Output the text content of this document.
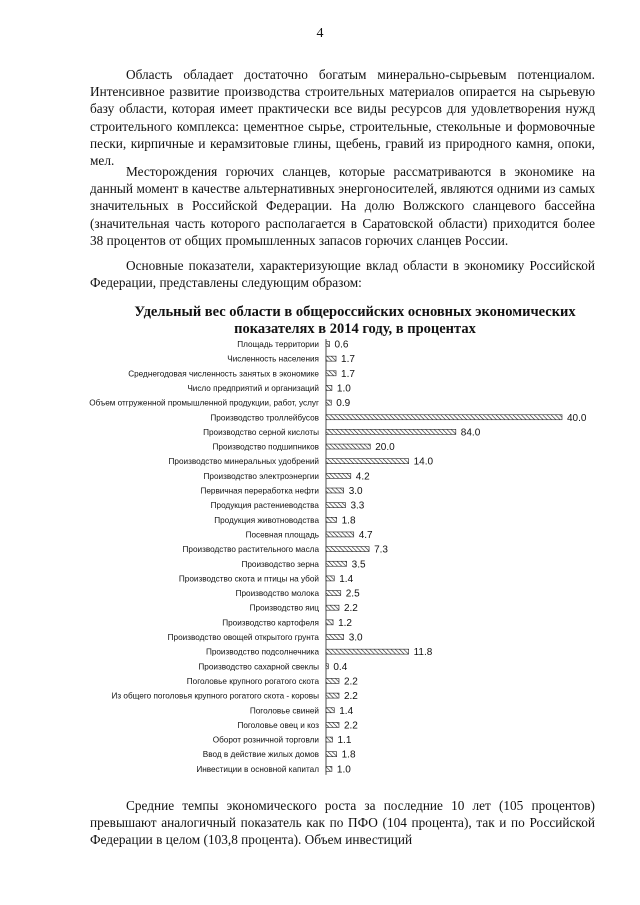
4

Область обладает достаточно богатым минерально-сырьевым потенциалом. Интенсивное развитие производства строительных материалов опирается на сырьевую базу области, которая имеет практически все виды ресурсов для удовлетворения нужд строительного комплекса: цементное сырье, строительные, стекольные и формовочные пески, кирпичные и керамзитовые глины, щебень, гравий из природного камня, опоки, мел.

Месторождения горючих сланцев, которые рассматриваются в экономике на данный момент в качестве альтернативных энергоносителей, являются одними из самых значительных в Российской Федерации. На долю Волжского сланцевого бассейна (значительная часть которого располагается в Саратовской области) приходится более 38 процентов от общих промышленных запасов горючих сланцев России.

Основные показатели, характеризующие вклад области в экономику Российской Федерации, представлены следующим образом:

Удельный вес области в общероссийских основных экономических показателях в 2014 году, в процентах
Площадь территории 0.6
Численность населения 1.7
Среднегодовая численность занятых в экономике 1.7
Число предприятий и организаций 1.0
Объем отгруженной промышленной продукции, работ, услуг 0.9
Производство троллейбусов	40.0
Производство серной кислоты	84.0
Производство подшипников	20.0
Производство минеральных удобрений	14.0
Производство электроэнергии	4.2
Первичная переработка нефти	3.0
Продукция растениеводства	3.3
Продукция животноводства 1.8
Посевная площадь	4.7
Производство растительного масла	7.3
Производство зерна	3.5
Производство скота и птицы на убой 1.4
Производство молока	2.5
Производство яиц 2.2
Производство картофеля 1.2
Производство овощей открытого грунта	3.0
Производство подсолнечника	11.8
Производство сахарной свеклы 0.4
Поголовье крупного рогатого скота 2.2
Из общего поголовья крупного рогатого скота - коровы 2.2
Поголовье свиней 1.4
Поголовье овец и коз 2.2
Оборот розничной торговли 1.1
Ввод в действие жилых домов 1.8
Инвестиции в основной капитал 1.0

Средние темпы экономического роста за последние 10 лет (105 процентов) превышают аналогичный показатель как по ПФО (104 процента), так и по Российской Федерации в целом (103,8 процента). Объем инвестиций
